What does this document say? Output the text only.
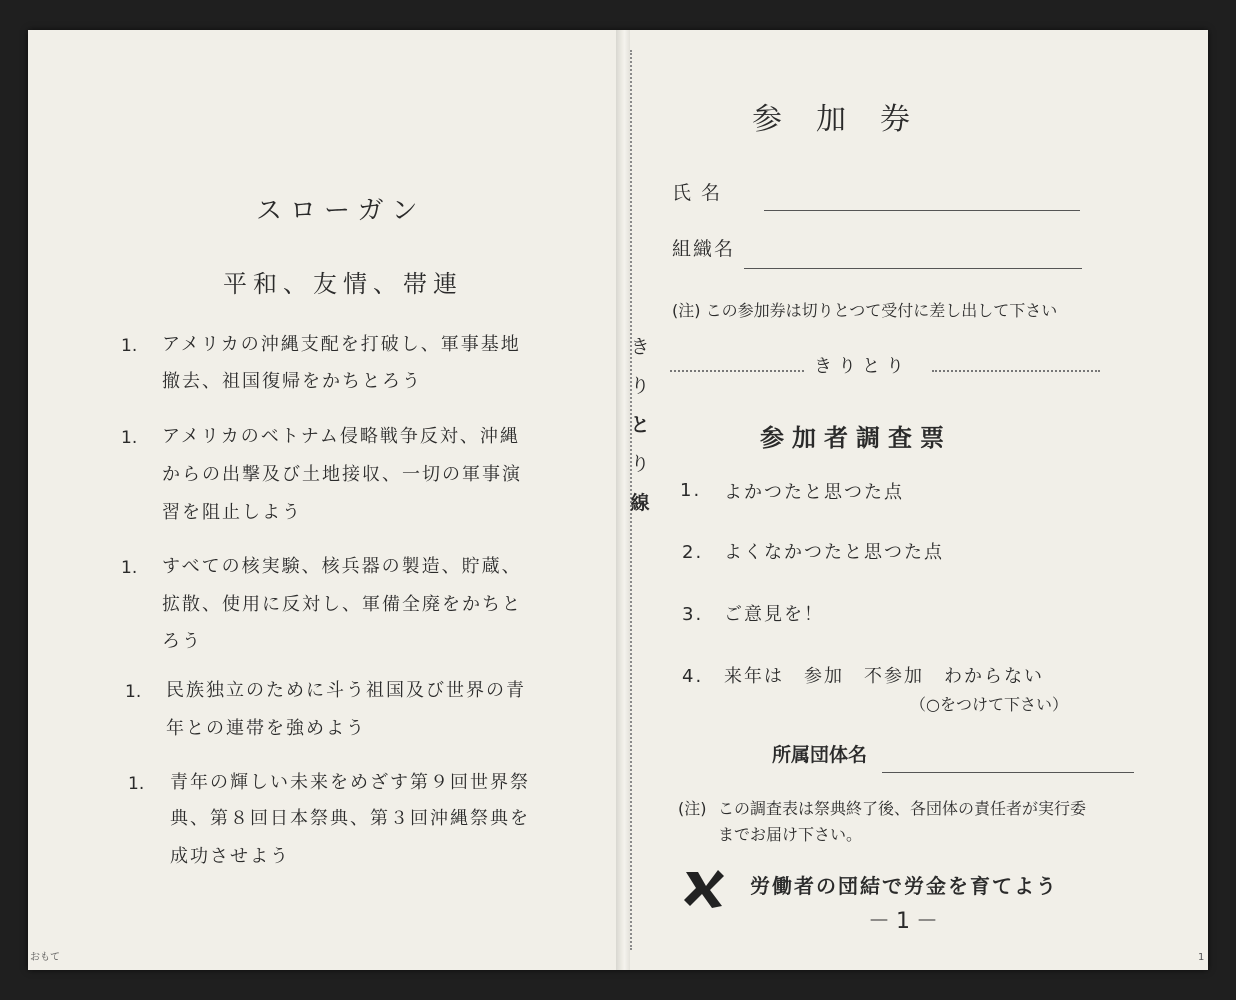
スローガン
平和、友情、帯連
1. アメリカの沖縄支配を打破し、軍事基地
撤去、祖国復帰をかちとろう
1. アメリカのベトナム侵略戦争反対、沖縄
からの出撃及び土地接収、一切の軍事演
習を阻止しよう
1. すべての核実験、核兵器の製造、貯蔵、
拡散、使用に反対し、軍備全廃をかちと
ろう
1. 民族独立のために斗う祖国及び世界の青
年との連帯を強めよう
1. 青年の輝しい未来をめざす第９回世界祭
典、第８回日本祭典、第３回沖縄祭典を
成功させよう
おもて
き
り
と
り
線
参加券
氏名
組織名
(注) この参加券は切りとつて受付に差し出して下さい
きりとり
参加者調査票
1. よかつたと思つた点
2. よくなかつたと思つた点
3. ご意見を！
4. 来年は　参加　不参加　わからない
（○をつけて下さい）
所属団体名
(注) この調査表は祭典終了後、各団体の責任者が実行委
までお届け下さい。
労働者の団結で労金を育てよう
－1－
1
